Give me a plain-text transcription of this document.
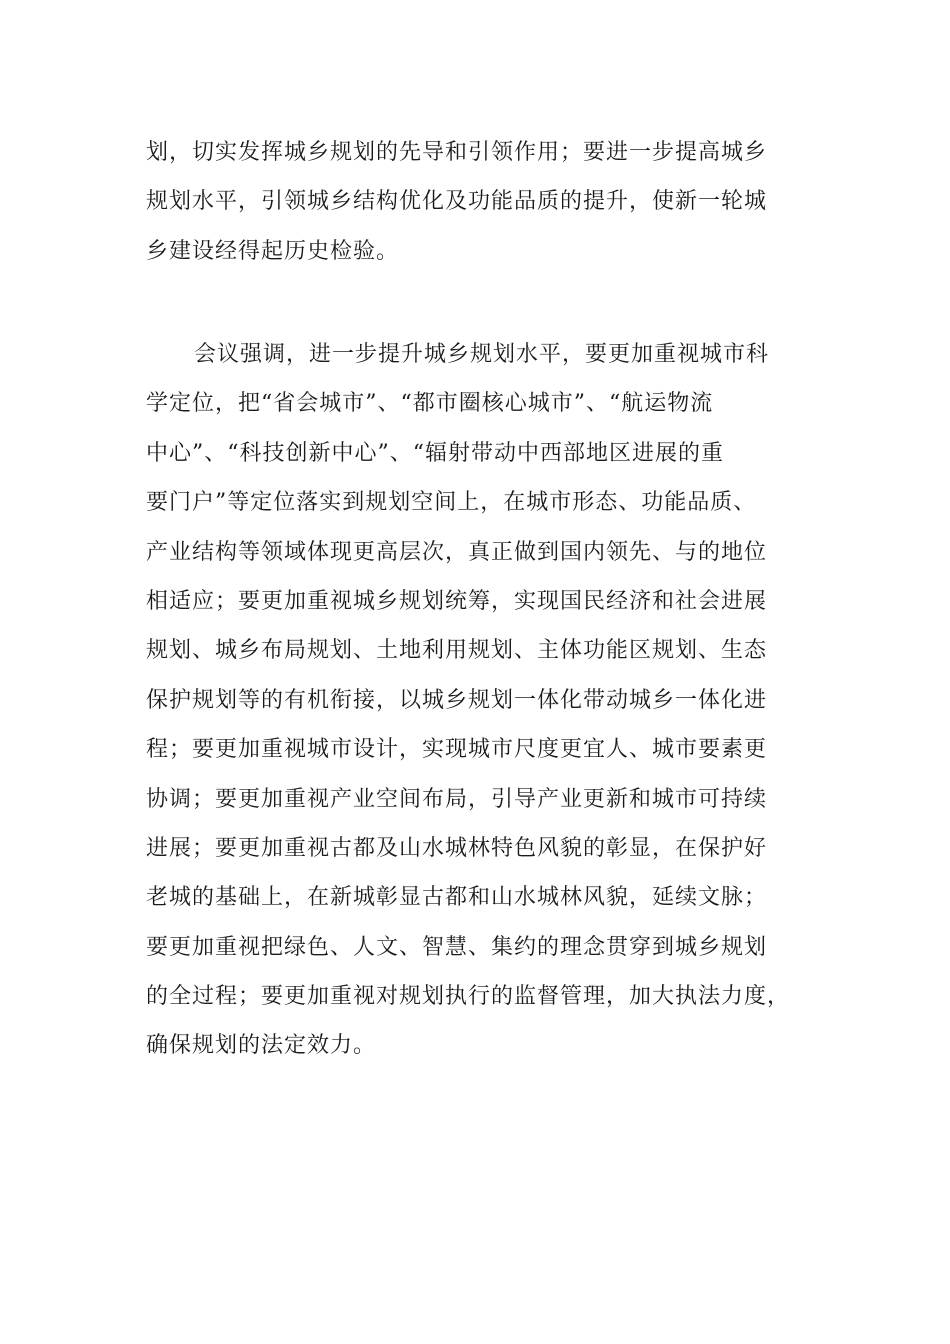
划，切实发挥城乡规划的先导和引领作用；要进一步提高城乡
规划水平，引领城乡结构优化及功能品质的提升，使新一轮城
乡建设经得起历史检验。
会议强调，进一步提升城乡规划水平，要更加重视城市科
学定位，把“省会城市”、“都市圈核心城市”、“航运物流
中心”、“科技创新中心”、“辐射带动中西部地区进展的重
要门户”等定位落实到规划空间上，在城市形态、功能品质、
产业结构等领域体现更高层次，真正做到国内领先、与的地位
相适应；要更加重视城乡规划统筹，实现国民经济和社会进展
规划、城乡布局规划、土地利用规划、主体功能区规划、生态
保护规划等的有机衔接，以城乡规划一体化带动城乡一体化进
程；要更加重视城市设计，实现城市尺度更宜人、城市要素更
协调；要更加重视产业空间布局，引导产业更新和城市可持续
进展；要更加重视古都及山水城林特色风貌的彰显，在保护好
老城的基础上，在新城彰显古都和山水城林风貌，延续文脉；
要更加重视把绿色、人文、智慧、集约的理念贯穿到城乡规划
的全过程；要更加重视对规划执行的监督管理，加大执法力度，
确保规划的法定效力。
